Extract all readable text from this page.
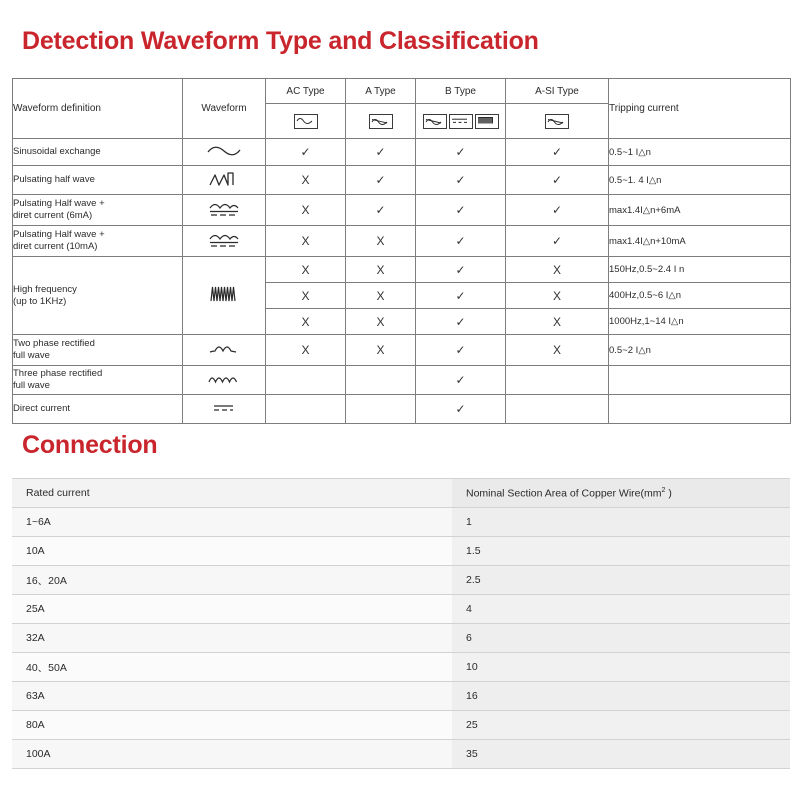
Detection Waveform Type and Classification
Waveform definition	Waveform	AC Type	A Type	B Type	A-SI Type	Tripping current

Sinusoidal exchange		✓	✓	✓	✓	0.5~1 I△n
Pulsating half wave		X	✓	✓	✓	0.5~1. 4 I△n
Pulsating Half wave +
diret current (6mA)		X	✓	✓	✓	max1.4I△n+6mA
Pulsating Half wave +
diret current (10mA)		X	X	✓	✓	max1.4I△n+10mA
High frequency
(up to 1KHz)		X	X	✓	X	150Hz,0.5~2.4 I n
		X	X	✓	X	400Hz,0.5~6 I△n
		X	X	✓	X	1000Hz,1~14 I△n
Two phase rectified
full wave		X	X	✓	X	0.5~2 I△n
Three phase rectified
full wave				✓		
Direct current				✓		
Connection
Rated current	Nominal Section Area of Copper $Wire(mm^2$ )
1~6A	1
10A	1.5
16、20A	2.5
25A	4
32A	6
40、50A	10
63A	16
80A	25
100A	35
